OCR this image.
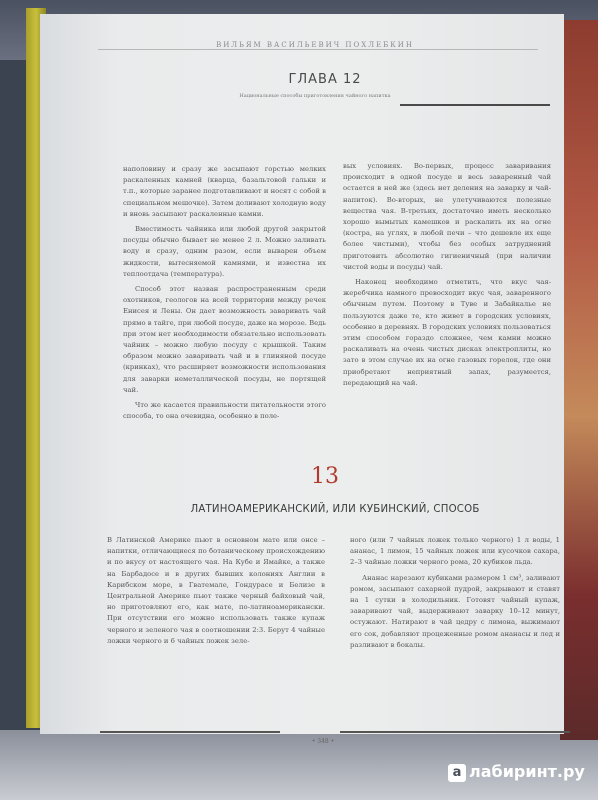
ВИЛЬЯМ ВАСИЛЬЕВИЧ ПОХЛЕБКИН
ГЛАВА 12
Национальные способы приготовления чайного напитка

наполовину и сразу же засыпают горстью мелких раскаленных камней (кварца, базальтовой гальки и т.п., которые заранее подготавливают и носят с собой в специальном мешочке). Затем доливают холодную воду и вновь засыпают раскаленные камни.

Вместимость чайника или любой другой закрытой посуды обычно бывает не менее 2 л. Можно заливать воду и сразу, одним разом, если выварен объем жидкости, вытесняемой камнями, и известна их теплоотдача (температура).

Способ этот назван распространенным среди охотников, геологов на всей территории между речек Енисея и Лены. Он дает возможность заваривать чай прямо в тайге, при любой посуде, даже на морозе. Ведь при этом нет необходимости обязательно использовать чайник – можно любую посуду с крышкой. Таким образом можно заваривать чай и в глиняной посуде (кринках), что расширяет возможности использования для заварки неметаллической посуды, не портящей чай.

Что же касается правильности питательности этого способа, то она очевидна, особенно в поле-

вых условиях. Во-первых, процесс заваривания происходит в одной посуде и весь заваренный чай остается в ней же (здесь нет деления на заварку и чай-напиток). Во-вторых, не улетучиваются полезные вещества чая. В-третьих, достаточно иметь несколько хорошо вымытых камешков и раскалить их на огне (костра, на углях, в любой печи – что дешевле их еще более чистыми), чтобы без особых затруднений приготовить абсолютно гигиеничный (при наличии чистой воды и посуды) чай.

Наконец необходимо отметить, что вкус чая-жеребчика намного превосходит вкус чая, заваренного обычным путем. Поэтому в Туве и Забайкалье не пользуются даже те, кто живет в городских условиях, особенно в деревнях. В городских условиях пользоваться этим способом гораздо сложнее, чем камни можно раскаливать на очень чистых дисках электроплиты, но зато в этом случае их на огне газовых горелок, где они приобретают неприятный запах, разумеется, передающий на чай.

13
ЛАТИНОАМЕРИКАНСКИЙ, ИЛИ КУБИНСКИЙ, СПОСОБ

В Латинской Америке пьют в основном мате или онсе – напитки, отличающиеся по ботаническому происхождению и по вкусу от настоящего чая. На Кубе и Ямайке, а также на Барбадосе и в других бывших колониях Англии в Карибском море, в Гватемале, Гондурасе и Белизе в Центральной Америке пьют также черный байховый чай, но приготовляют его, как мате, по-латиноамерикански. При отсутствии его можно использовать также купаж черного и зеленого чая в соотношении 2:3. Берут 4 чайные ложки черного и 6 чайных ложек зеле-

ного (или 7 чайных ложек только черного) 1 л воды, 1 ананас, 1 лимон, 15 чайных ложек или кусочков сахара, 2–3 чайные ложки черного рома, 20 кубиков льда.

Ананас нарезают кубиками размером 1 см³, заливают ромом, засыпают сахарной пудрой, закрывают и ставят на 1 сутки в холодильник. Готовят чайный купаж, заваривают чай, выдерживают заварку 10–12 минут, остужают. Натирают в чай цедру с лимона, выжимают его сок, добавляют процеженные ромом ананасы и лед и разливают в бокалы.

• 348 •
а лабиринт.ру
